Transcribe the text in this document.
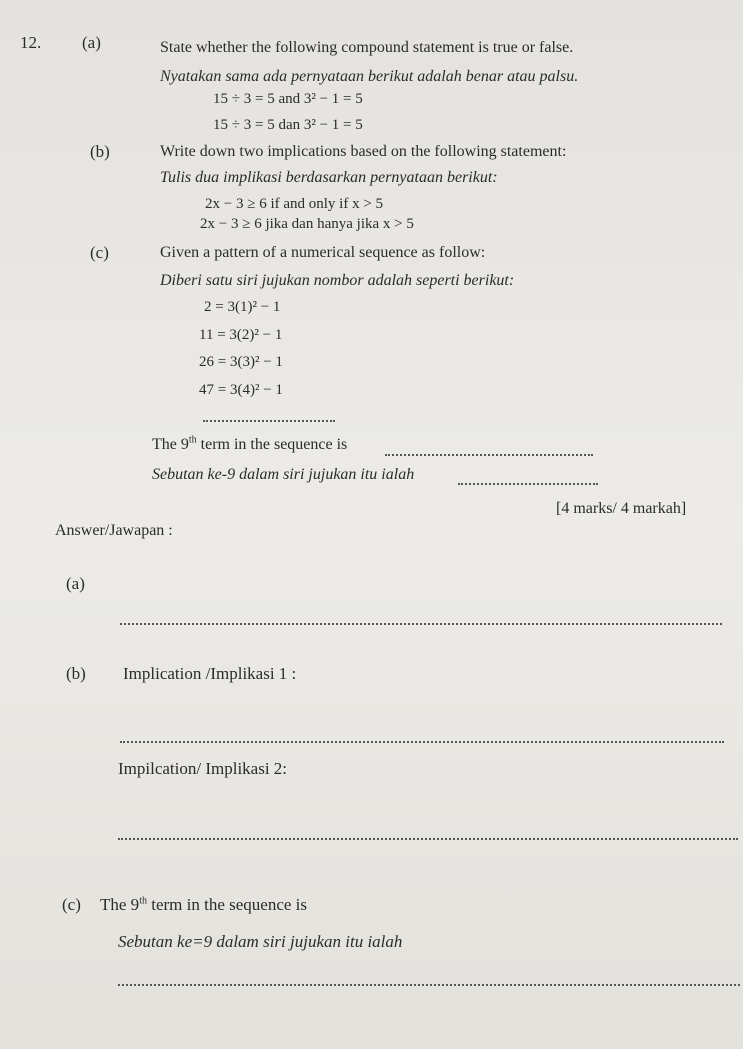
12. (a)	State whether the following compound statement is true or false.
Nyatakan sama ada pernyataan berikut adalah benar atau palsu.
15 ÷ 3 = 5 and 3² − 1 = 5
15 ÷ 3 = 5 dan 3² − 1 = 5
(b)	Write down two implications based on the following statement:
Tulis dua implikasi berdasarkan pernyataan berikut:
2x − 3 ≥ 6 if and only if x > 5
2x − 3 ≥ 6 jika dan hanya jika x > 5
(c)	Given a pattern of a numerical sequence as follow:
Diberi satu siri jujukan nombor adalah seperti berikut:
2 = 3(1)² − 1
11 = 3(2)² − 1
26 = 3(3)² − 1
47 = 3(4)² − 1
The 9th term in the sequence is
Sebutan ke-9 dalam siri jujukan itu ialah
[4 marks/ 4 markah]
Answer/Jawapan :
(a)
(b) Implication /Implikasi 1 :
Impilcation/ Implikasi 2:
(c) The 9th term in the sequence is
Sebutan ke=9 dalam siri jujukan itu ialah
